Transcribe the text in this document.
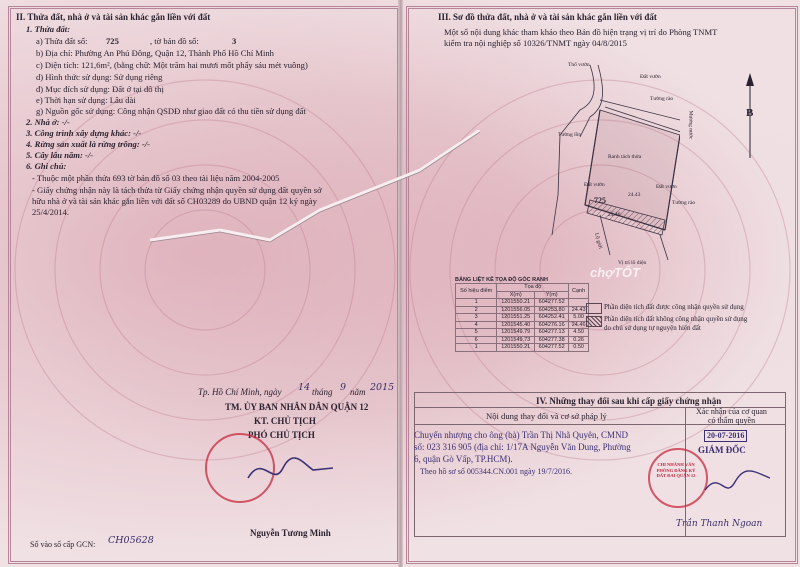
II. Thửa đất, nhà ở và tài sản khác gắn liền với đất
1. Thửa đất:
a) Thửa đất số: 725	, tờ bản đồ số:	3
b) Địa chỉ: Phường An Phú Đông, Quận 12, Thành Phố Hồ Chí Minh
c) Diện tích: 121,6m², (bằng chữ: Một trăm hai mươi mốt phẩy sáu mét vuông)
d) Hình thức sử dụng: Sử dụng riêng
đ) Mục đích sử dụng: Đất ở tại đô thị
e) Thời hạn sử dụng: Lâu dài
g) Nguồn gốc sử dụng: Công nhận QSDĐ như giao đất có thu tiền sử dụng đất
2. Nhà ở: -/-
3. Công trình xây dựng khác: -/-
4. Rừng sản xuất là rừng trồng: -/-
5. Cây lâu năm: -/-
6. Ghi chú:
- Thuộc một phần thửa 693 tờ bản đồ số 03 theo tài liệu năm 2004-2005
- Giấy chứng nhận này là tách thửa từ Giấy chứng nhận quyền sử dụng đất quyền sở
hữu nhà ở và tài sản khác gắn liền với đất số CH03289 do UBND quận 12 ký ngày
25/4/2014.
Tp. Hồ Chí Minh, ngày 14 tháng 9 năm 2015
TM. ỦY BAN NHÂN DÂN QUẬN 12
KT. CHỦ TỊCH
PHÓ CHỦ TỊCH
Nguyễn Tương Minh
Số vào sổ cấp GCN: CH05628
III. Sơ đồ thửa đất, nhà ở và tài sản khác gắn liền với đất
Một số nội dung khác tham khảo theo Bản đồ hiện trạng vị trí do Phòng TNMT
kiểm tra nội nghiệp số 10326/TNMT ngày 04/8/2015
B
Thổ vườn
Đất vườn
Tường rào
Tường lồn
Ranh tách thửa
Đất vườn
Đất vườn
725
24.43
24.46
Tường rào
Mương nước
Lộ giới
Vị trí lõ diện
BẢNG LIỆT KÊ TỌA ĐỘ GÓC RANH
Số hiệu điểm	Tọa độ		Cạnh
	X(m)	Y(m)	
1	1201550.21	604277.52	
2	1201556.05	604253.80	24.43
3	1201551.25	604252.41	5.00
4	1201545.40	604276.16	24.46
5	1201549.79	604277.13	4.50
6	1201549.73	604277.38	0.26
1	1201550.21	604277.52	0.50
chợTỐT
Phần diện tích đất được công nhận quyền sử dụng
Phần diện tích đất không công nhận quyền sử dụng
do chủ sử dụng tự nguyện hiến đất
IV. Những thay đổi sau khi cấp giấy chứng nhận
Nội dung thay đổi và cơ sở pháp lý	Xác nhận của cơ quan
có thẩm quyền
Chuyển nhượng cho ông (bà) Trần Thị Nhã Quyên, CMND
số: 023 316 905 (địa chỉ: 1/17A Nguyễn Văn Dung, Phường
6, quận Gò Vấp, TP.HCM).
Theo hồ sơ số 005344.CN.001 ngày 19/7/2016.
20-07-2016
GIÁM ĐỐC
CHI NHÁNH VĂN PHÒNG ĐĂNG KÝ ĐẤT ĐAI QUẬN 12
Trần Thanh Ngoan
